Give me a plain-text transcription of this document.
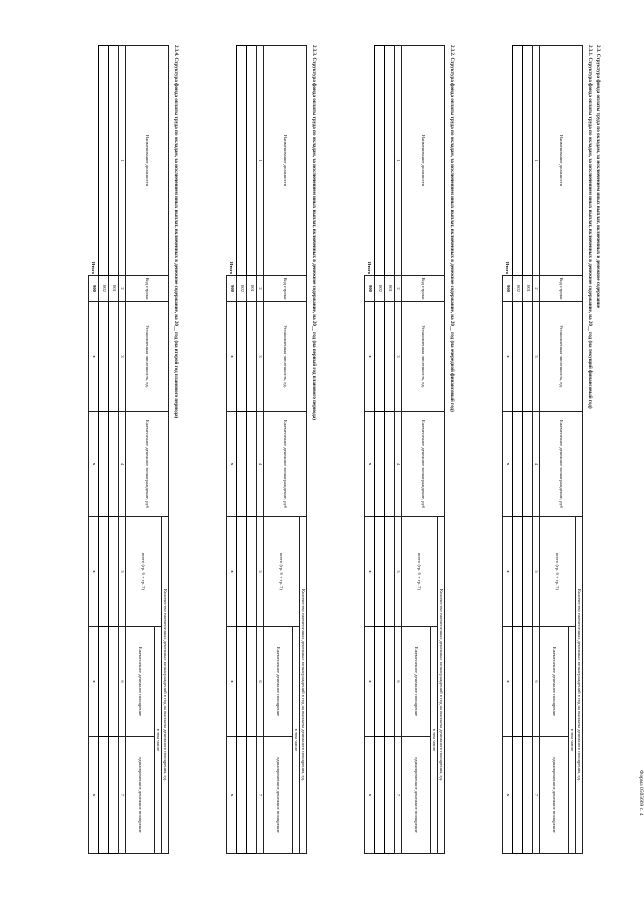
2.3. Структура фонда оплаты труда по окладам, за исключением иных выплат, включенных в денежное содержание
2.3.1. Структура фонда оплаты труда по окладам, за исключением иных выплат, включенных в денежное содержание, на 20__ год (на текущий финансовый год)
Наименование должности	Код строки	Установленная численность, ед.	Ежемесячное денежное вознаграждение, руб	Количество ежемесячных денежных вознаграждений в год на выплаты денежного поощрения, ед.		
				всего (гр. 6 + гр. 7)	в том числе	
					Ежемесячное денежное поощрение	единовременное денежное поощрение
1	2	3	4	5	6	7
	001					
	002					
Итого	900	x	x	x	x	x
2.3.2. Структура фонда оплаты труда по окладам, за исключением иных выплат, включенных в денежное содержание, на 20__ год (на очередной финансовый год)
Наименование должности	Код строки	Установленная численность, ед.	Ежемесячное денежное вознаграждение, руб	Количество ежемесячных денежных вознаграждений в год на выплаты денежного поощрения, ед.		
				всего (гр. 6 + гр. 7)	в том числе	
					Ежемесячное денежное поощрение	единовременное денежное поощрение
1	2	3	4	5	6	7
	001					
	002					
Итого	900	x	x	x	x	x
2.3.3. Структура фонда оплаты труда по окладам, за исключением иных выплат, включенных в денежное содержание, на 20__ год (на первый год планового периода)
Наименование должности	Код строки	Установленная численность, ед.	Ежемесячное денежное вознаграждение, руб	Количество ежемесячных денежных вознаграждений в год на выплаты денежного поощрения, ед.		
				всего (гр. 6 + гр. 7)	в том числе	
					Ежемесячное денежное поощрение	единовременное денежное поощрение
1	2	3	4	5	6	7
	001					
	002					
Итого	900	x	x	x	x	x
2.3.4. Структура фонда оплаты труда по окладам, за исключением иных выплат, включенных в денежное содержание, на 20__ год (на второй год планового периода)
Наименование должности	Код строки	Установленная численность, ед.	Ежемесячное денежное вознаграждение, руб	Количество ежемесячных денежных вознаграждений в год на выплаты денежного поощрения, ед.		
				всего (гр. 6 + гр. 7)	в том числе	
					Ежемесячное денежное поощрение	единовременное денежное поощрение
1	2	3	4	5	6	7
	001					
	002					
Итого	900	x	x	x	x	x	Форма 0505669 с. 4
